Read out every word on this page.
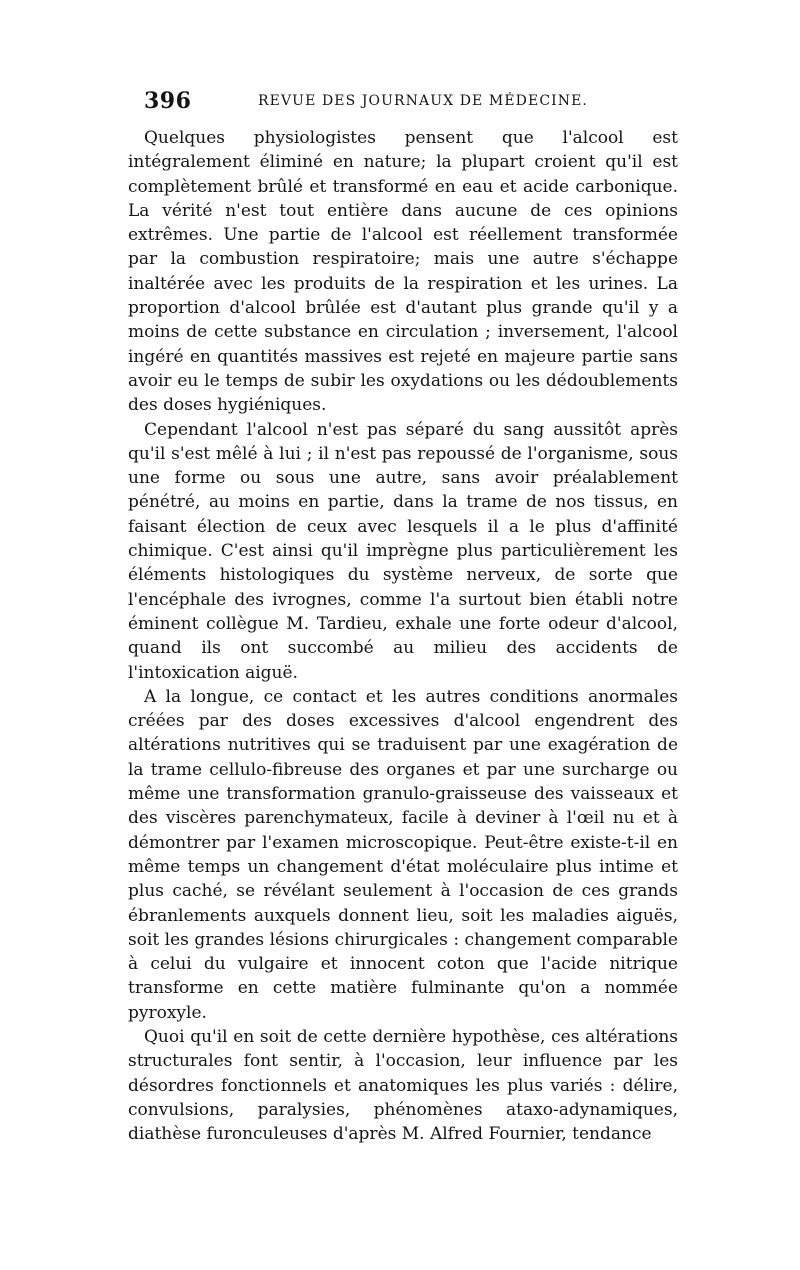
396	REVUE DES JOURNAUX DE MÉDECINE.

Quelques physiologistes pensent que l'alcool est intégralement éliminé en nature; la plupart croient qu'il est complètement brûlé et transformé en eau et acide carbonique. La vérité n'est tout entière dans aucune de ces opinions extrêmes. Une partie de l'alcool est réellement transformée par la combustion respiratoire; mais une autre s'échappe inaltérée avec les produits de la respiration et les urines. La proportion d'alcool brûlée est d'autant plus grande qu'il y a moins de cette substance en circulation ; inversement, l'alcool ingéré en quantités massives est rejeté en majeure partie sans avoir eu le temps de subir les oxydations ou les dédoublements des doses hygiéniques.

Cependant l'alcool n'est pas séparé du sang aussitôt après qu'il s'est mêlé à lui ; il n'est pas repoussé de l'organisme, sous une forme ou sous une autre, sans avoir préalablement pénétré, au moins en partie, dans la trame de nos tissus, en faisant élection de ceux avec lesquels il a le plus d'affinité chimique. C'est ainsi qu'il imprègne plus particulièrement les éléments histologiques du système nerveux, de sorte que l'encéphale des ivrognes, comme l'a surtout bien établi notre éminent collègue M. Tardieu, exhale une forte odeur d'alcool, quand ils ont succombé au milieu des accidents de l'intoxication aiguë.

A la longue, ce contact et les autres conditions anormales créées par des doses excessives d'alcool engendrent des altérations nutritives qui se traduisent par une exagération de la trame cellulo-fibreuse des organes et par une surcharge ou même une transformation granulo-graisseuse des vaisseaux et des viscères parenchymateux, facile à deviner à l'œil nu et à démontrer par l'examen microscopique. Peut-être existe-t-il en même temps un changement d'état moléculaire plus intime et plus caché, se révélant seulement à l'occasion de ces grands ébranlements auxquels donnent lieu, soit les maladies aiguës, soit les grandes lésions chirurgicales : changement comparable à celui du vulgaire et innocent coton que l'acide nitrique transforme en cette matière fulminante qu'on a nommée pyroxyle.

Quoi qu'il en soit de cette dernière hypothèse, ces altérations structurales font sentir, à l'occasion, leur influence par les désordres fonctionnels et anatomiques les plus variés : délire, convulsions, paralysies, phénomènes ataxo-adynamiques, diathèse furonculeuses d'après M. Alfred Fournier, tendance
